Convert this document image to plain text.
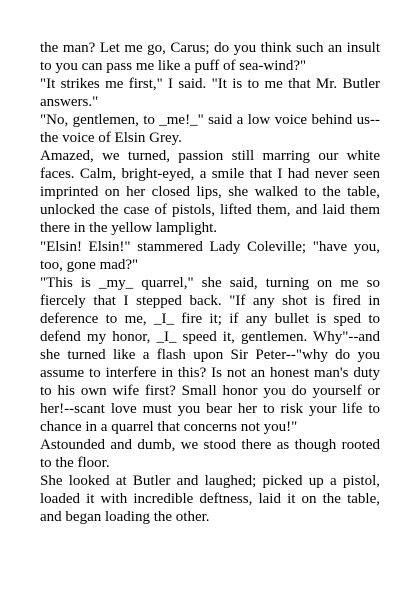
the man? Let me go, Carus; do you think such an insult to you can pass me like a puff of sea-wind?"

"It strikes me first," I said. "It is to me that Mr. Butler answers."

"No, gentlemen, to _me!_" said a low voice behind us--the voice of Elsin Grey.

Amazed, we turned, passion still marring our white faces. Calm, bright-eyed, a smile that I had never seen imprinted on her closed lips, she walked to the table, unlocked the case of pistols, lifted them, and laid them there in the yellow lamplight.

"Elsin! Elsin!" stammered Lady Coleville; "have you, too, gone mad?"

"This is _my_ quarrel," she said, turning on me so fiercely that I stepped back. "If any shot is fired in deference to me, _I_ fire it; if any bullet is sped to defend my honor, _I_ speed it, gentlemen. Why"--and she turned like a flash upon Sir Peter--"why do you assume to interfere in this? Is not an honest man's duty to his own wife first? Small honor you do yourself or her!--scant love must you bear her to risk your life to chance in a quarrel that concerns not you!"

Astounded and dumb, we stood there as though rooted to the floor.

She looked at Butler and laughed; picked up a pistol, loaded it with incredible deftness, laid it on the table, and began loading the other.
